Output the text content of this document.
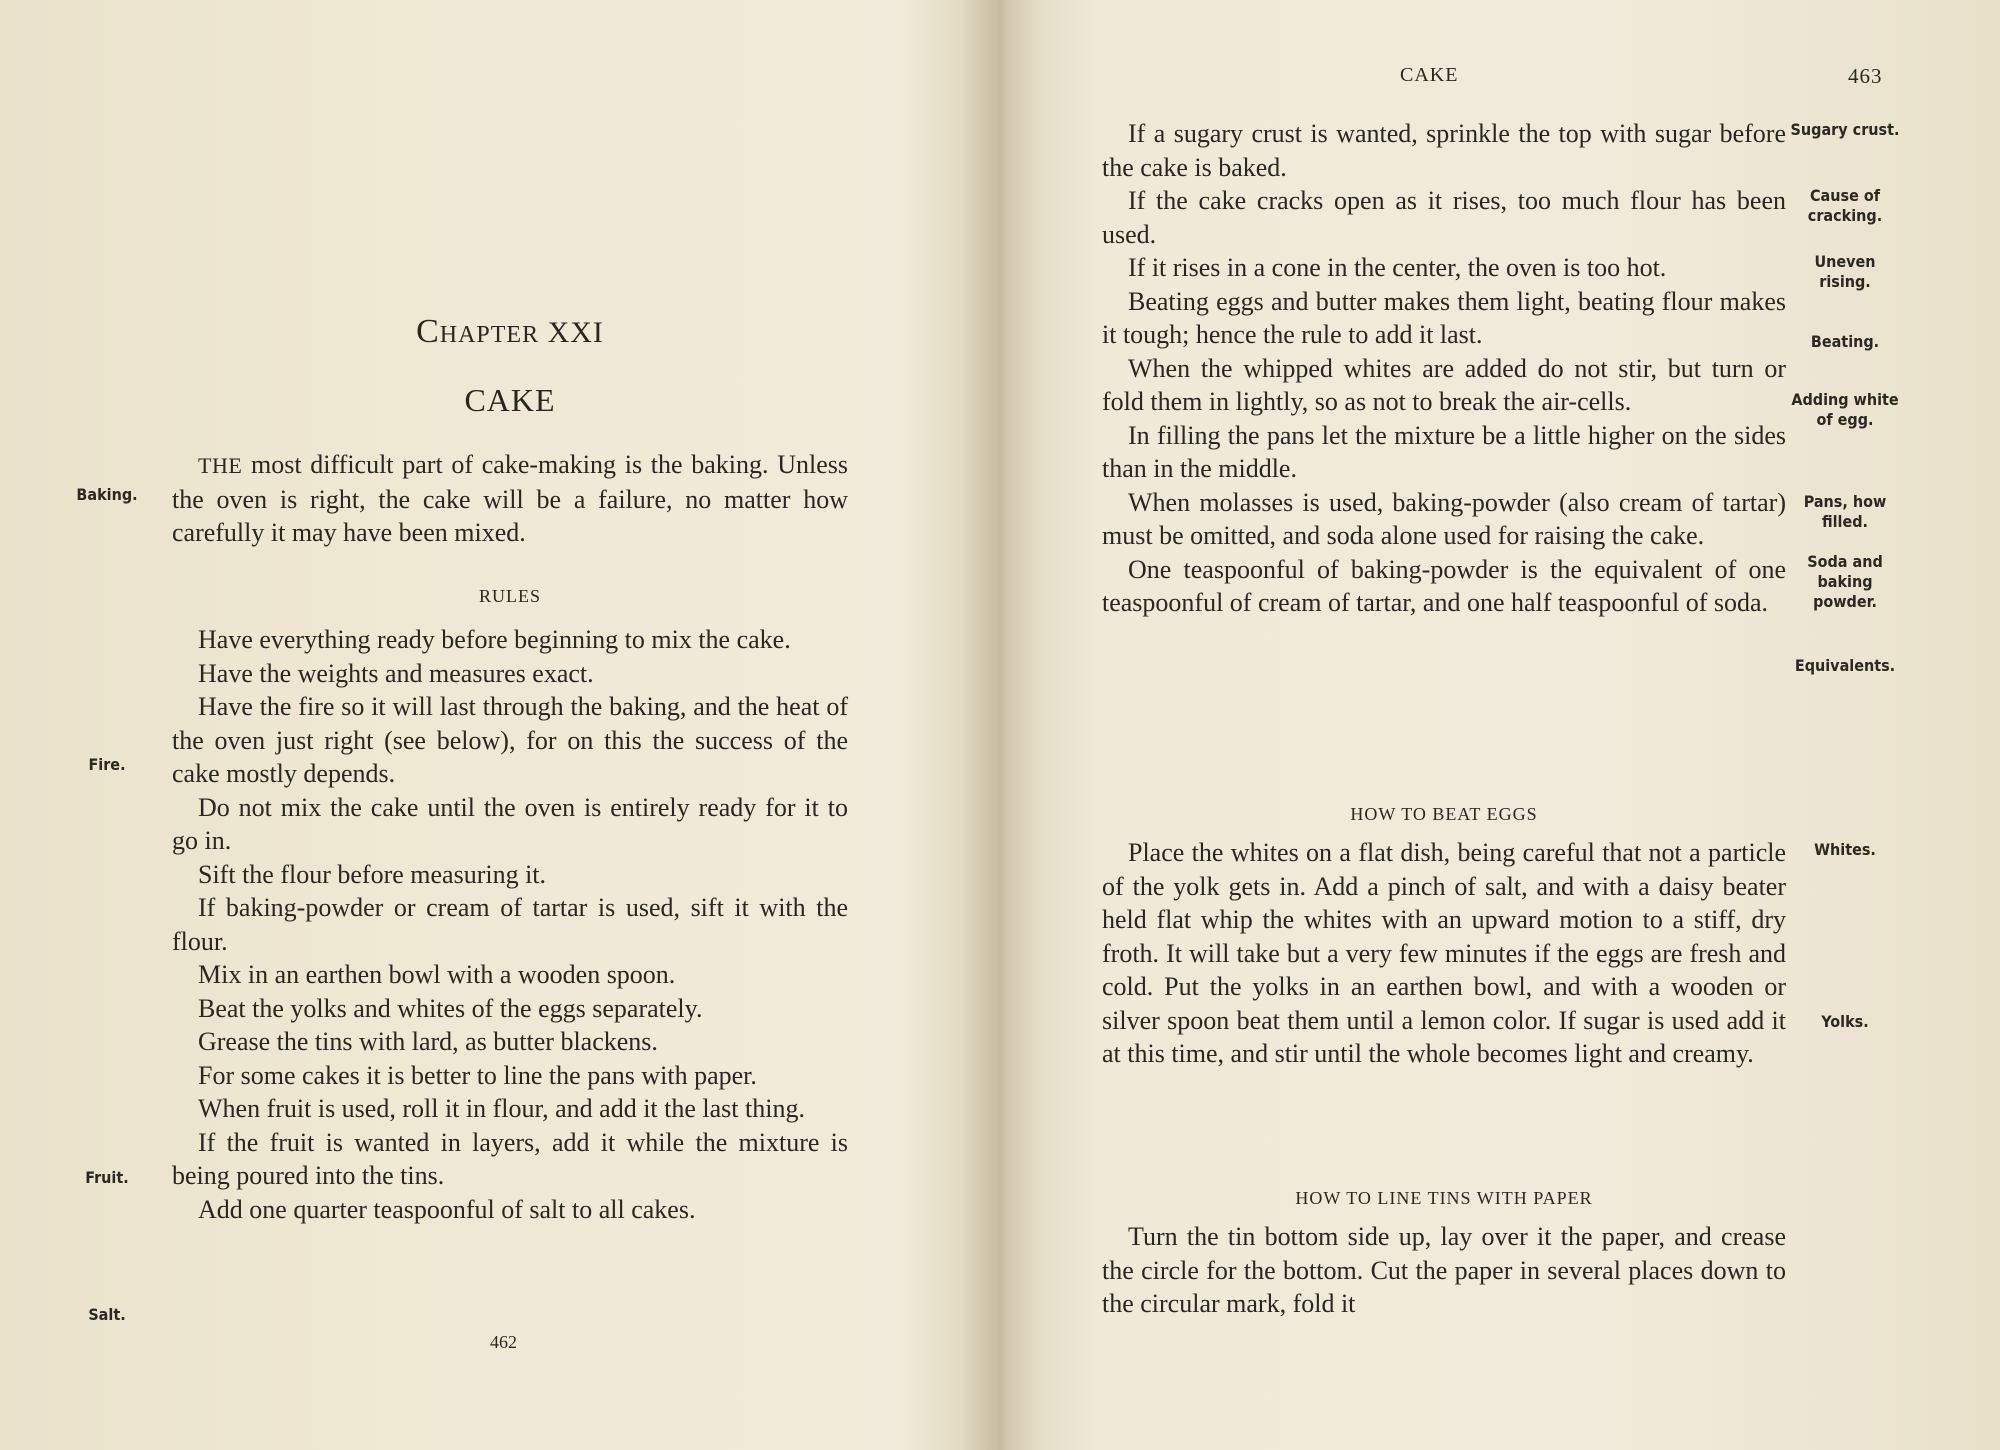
CHAPTER XXI
CAKE

THE most difficult part of cake-making is the baking. Unless the oven is right, the cake will be a failure, no matter how carefully it may have been mixed.

RULES

Have everything ready before beginning to mix the cake.

Have the weights and measures exact.

Have the fire so it will last through the baking, and the heat of the oven just right (see below), for on this the success of the cake mostly depends.

Do not mix the cake until the oven is entirely ready for it to go in.

Sift the flour before measuring it.

If baking-powder or cream of tartar is used, sift it with the flour.

Mix in an earthen bowl with a wooden spoon.

Beat the yolks and whites of the eggs separately.

Grease the tins with lard, as butter blackens.

For some cakes it is better to line the pans with paper.

When fruit is used, roll it in flour, and add it the last thing.

If the fruit is wanted in layers, add it while the mixture is being poured into the tins.

Add one quarter teaspoonful of salt to all cakes.

Baking.
Fire.
Fruit.
Salt.
462
CAKE	463

If a sugary crust is wanted, sprinkle the top with sugar before the cake is baked.

If the cake cracks open as it rises, too much flour has been used.

If it rises in a cone in the center, the oven is too hot.

Beating eggs and butter makes them light, beating flour makes it tough; hence the rule to add it last.

When the whipped whites are added do not stir, but turn or fold them in lightly, so as not to break the air-cells.

In filling the pans let the mixture be a little higher on the sides than in the middle.

When molasses is used, baking-powder (also cream of tartar) must be omitted, and soda alone used for raising the cake.

One teaspoonful of baking-powder is the equivalent of one teaspoonful of cream of tartar, and one half teaspoonful of soda.

HOW TO BEAT EGGS

Place the whites on a flat dish, being careful that not a particle of the yolk gets in. Add a pinch of salt, and with a daisy beater held flat whip the whites with an upward motion to a stiff, dry froth. It will take but a very few minutes if the eggs are fresh and cold. Put the yolks in an earthen bowl, and with a wooden or silver spoon beat them until a lemon color. If sugar is used add it at this time, and stir until the whole becomes light and creamy.

HOW TO LINE TINS WITH PAPER

Turn the tin bottom side up, lay over it the paper, and crease the circle for the bottom. Cut the paper in several places down to the circular mark, fold it

Sugary crust.
Cause of cracking.
Uneven rising.
Beating.
Adding white of egg.
Pans, how filled.
Soda and baking powder.
Equivalents.
Whites.
Yolks.
